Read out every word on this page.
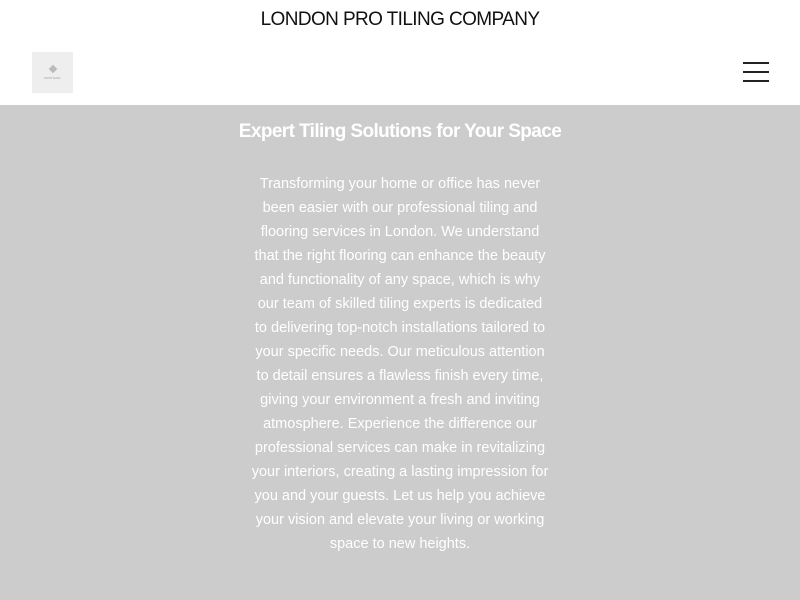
LONDON PRO TILING COMPANY
PROTILING
Expert Tiling Solutions for Your Space
Transforming your home or office has never
been easier with our professional tiling and
flooring services in London. We understand
that the right flooring can enhance the beauty
and functionality of any space, which is why
our team of skilled tiling experts is dedicated
to delivering top-notch installations tailored to
your specific needs. Our meticulous attention
to detail ensures a flawless finish every time,
giving your environment a fresh and inviting
atmosphere. Experience the difference our
professional services can make in revitalizing
your interiors, creating a lasting impression for
you and your guests. Let us help you achieve
your vision and elevate your living or working
space to new heights.
